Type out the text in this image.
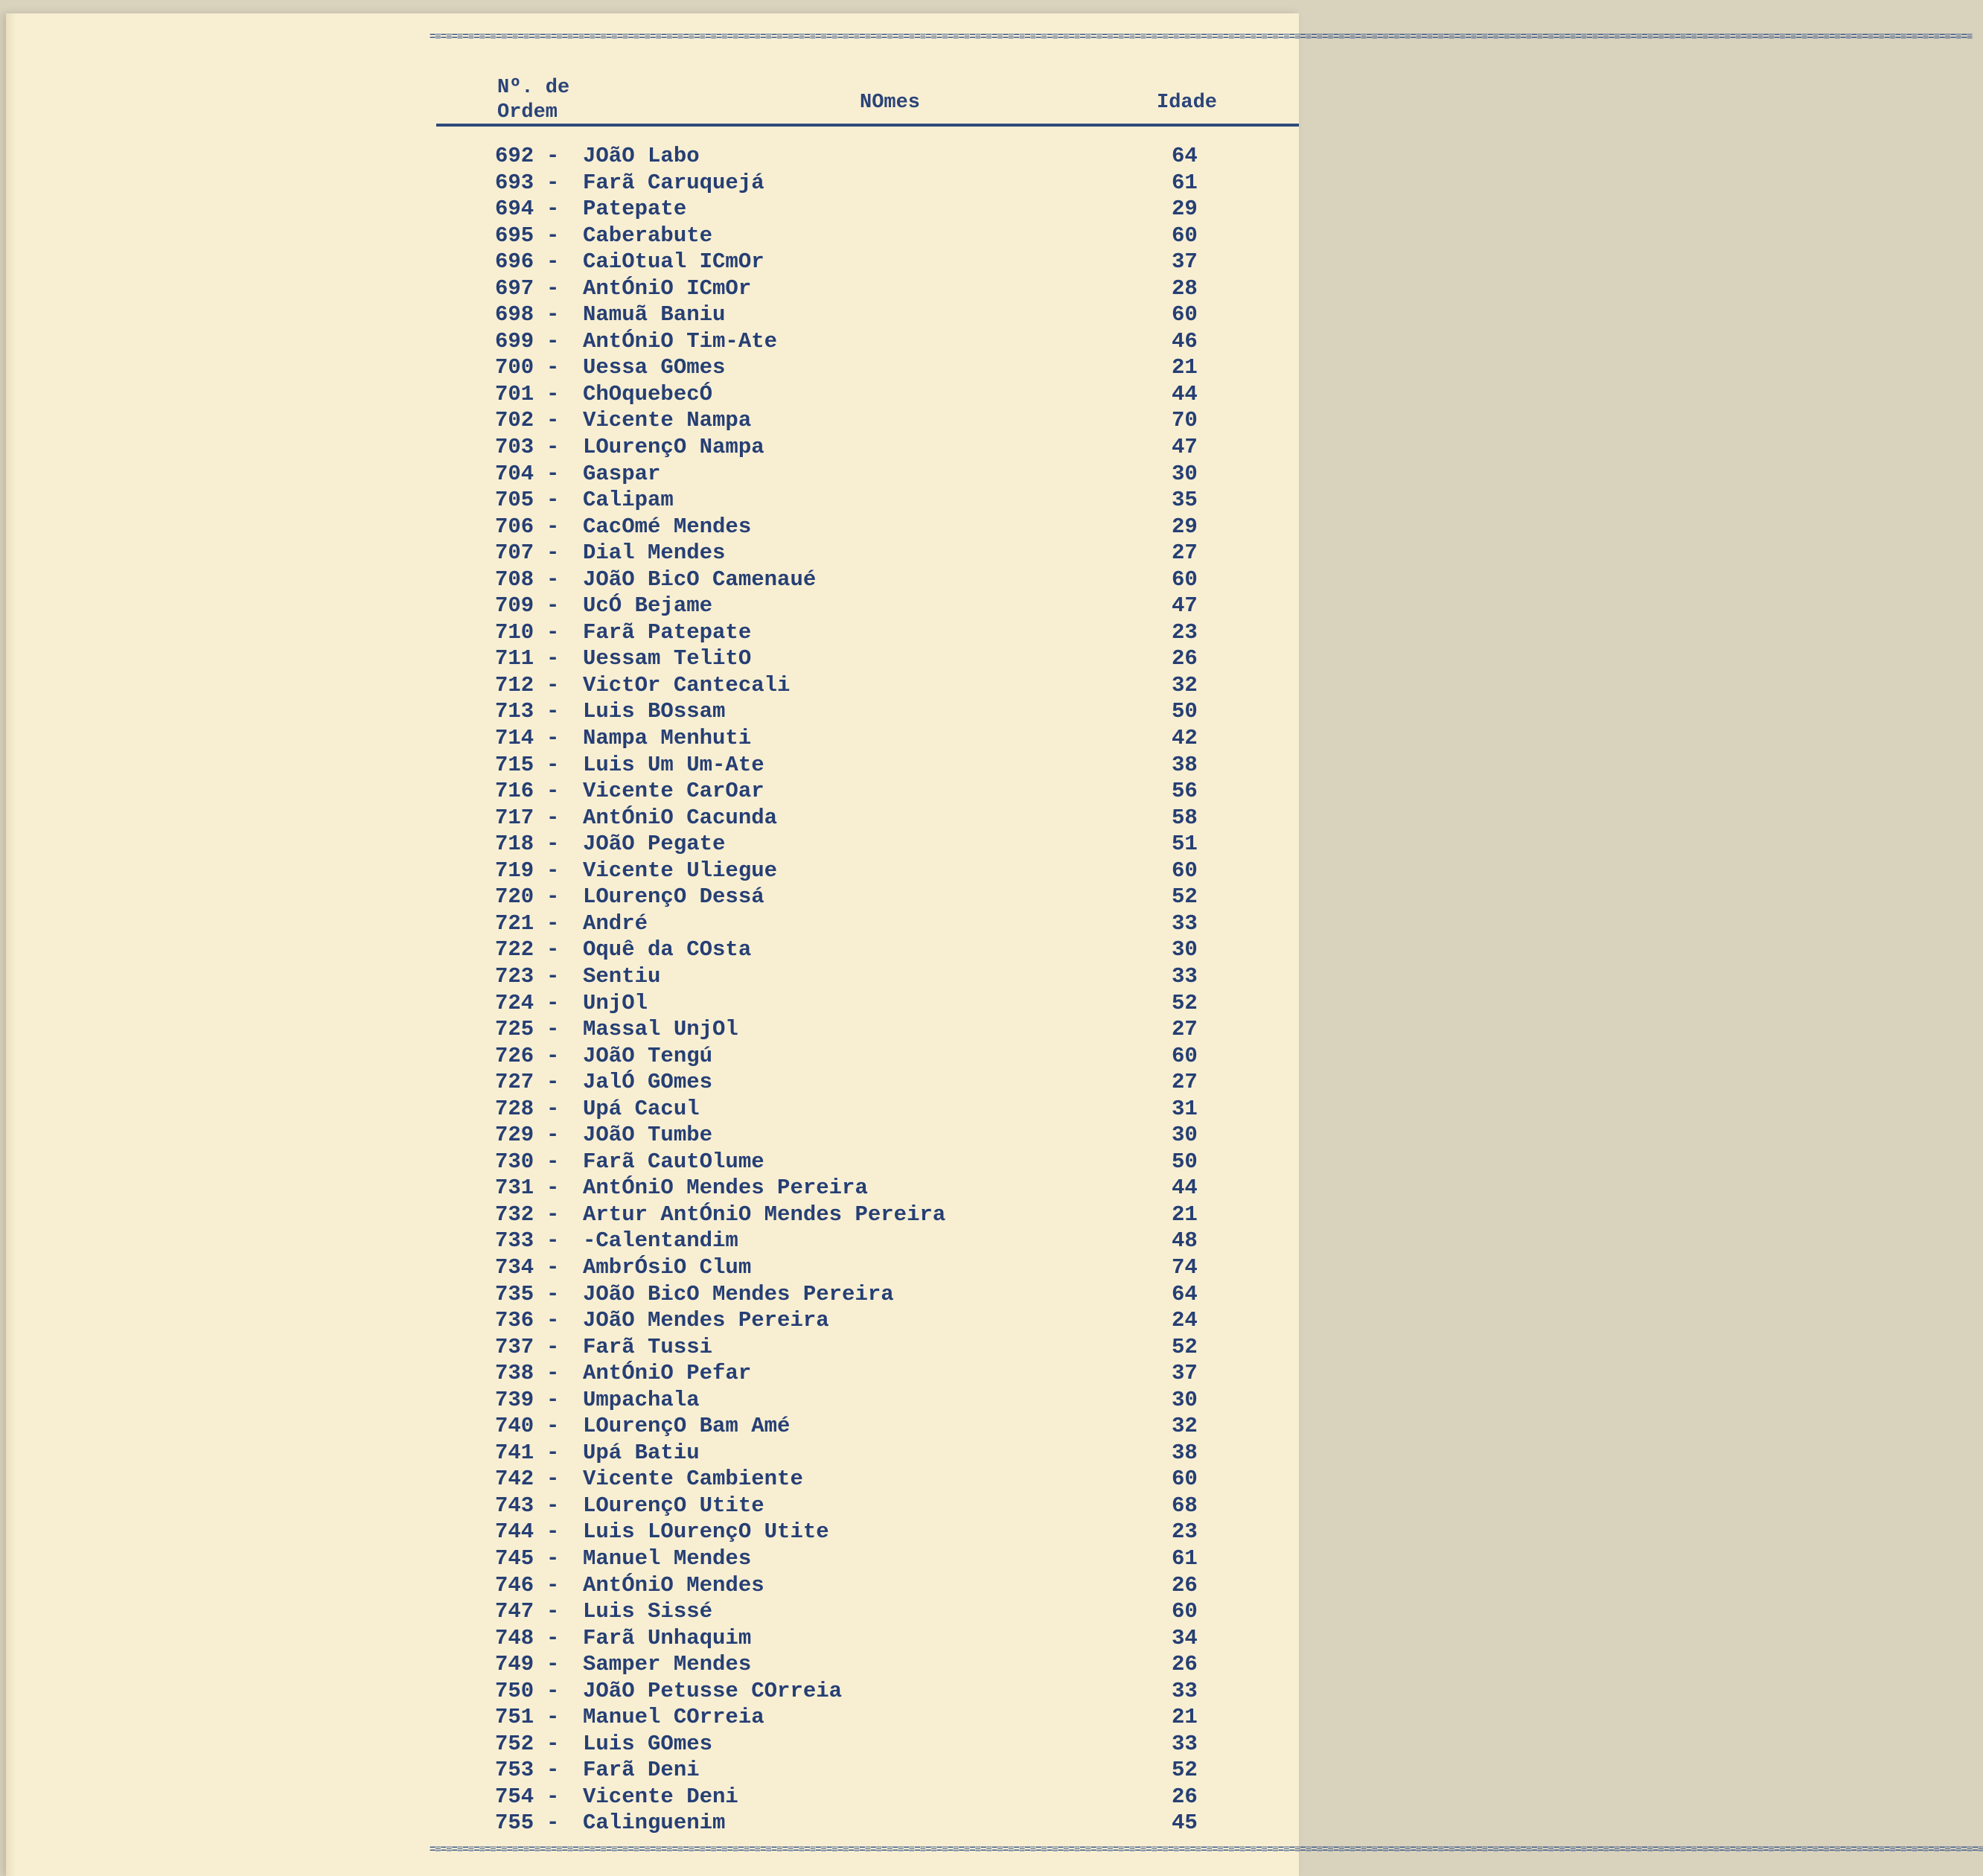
=≡=≡=≡=≡=≡=≡=≡=≡=≡=≡=≡=≡=≡=≡=≡=≡=≡=≡=≡=≡=≡=≡=≡=≡=≡=≡=≡=≡=≡=≡=≡=≡=≡=≡=≡=≡=≡=≡=≡=≡=≡=≡=≡=≡=≡=≡=≡=≡=≡=≡=≡=≡=≡=≡=≡=≡=≡=≡=≡=≡=≡=≡=≡=≡=≡=≡=≡=≡=≡=≡=≡=≡=≡=≡=≡=≡=≡=≡=≡=≡=≡=≡=≡=≡=≡=≡=≡=≡=≡=≡=≡=≡=≡=≡=≡=≡=≡=≡=≡=≡=≡=≡=≡=≡=≡=≡=≡=≡=≡=≡=≡=≡=≡=≡=≡=≡=≡=≡=≡=≡=≡=≡=≡=≡=≡=≡=≡=≡=≡=≡=≡=≡=≡=≡=≡=≡=≡=≡=≡=≡
Nº. de
Ordem	NOmes	Idade
692 - JOãO Labo	64
693 - Farã Caruquejá	61
694 - Patepate	29
695 - Caberabute	60
696 - CaiOtual ICmOr	37
697 - AntÓniO ICmOr	28
698 - Namuã Baniu	60
699 - AntÓniO Tim-Ate	46
700 - Uessa GOmes	21
701 - ChOquebecÓ	44
702 - Vicente Nampa	70
703 - LOurençO Nampa	47
704 - Gaspar	30
705 - Calipam	35
706 - CacOmé Mendes	29
707 - Dial Mendes	27
708 - JOãO BicO Camenaué	60
709 - UcÓ Bejame	47
710 - Farã Patepate	23
711 - Uessam TelitO	26
712 - VictOr Cantecali	32
713 - Luis BOssam	50
714 - Nampa Menhuti	42
715 - Luis Um Um-Ate	38
716 - Vicente CarOar	56
717 - AntÓniO Cacunda	58
718 - JOãO Pegate	51
719 - Vicente Uliegue	60
720 - LOurençO Dessá	52
721 - André	33
722 - Oquê da COsta	30
723 - Sentiu	33
724 - UnjOl	52
725 - Massal UnjOl	27
726 - JOãO Tengú	60
727 - JalÓ GOmes	27
728 - Upá Cacul	31
729 - JOãO Tumbe	30
730 - Farã CautOlume	50
731 - AntÓniO Mendes Pereira	44
732 - Artur AntÓniO Mendes Pereira	21
733 - -Calentandim	48
734 - AmbrÓsiO Clum	74
735 - JOãO BicO Mendes Pereira	64
736 - JOãO Mendes Pereira	24
737 - Farã Tussi	52
738 - AntÓniO Pefar	37
739 - Umpachala	30
740 - LOurençO Bam Amé	32
741 - Upá Batiu	38
742 - Vicente Cambiente	60
743 - LOurençO Utite	68
744 - Luis LOurençO Utite	23
745 - Manuel Mendes	61
746 - AntÓniO Mendes	26
747 - Luis Sissé	60
748 - Farã Unhaquim	34
749 - Samper Mendes	26
750 - JOãO Petusse COrreia	33
751 - Manuel COrreia	21
752 - Luis GOmes	33
753 - Farã Deni	52
754 - Vicente Deni	26
755 - Calinguenim	45
=≡=≡=≡=≡=≡=≡=≡=≡=≡=≡=≡=≡=≡=≡=≡=≡=≡=≡=≡=≡=≡=≡=≡=≡=≡=≡=≡=≡=≡=≡=≡=≡=≡=≡=≡=≡=≡=≡=≡=≡=≡=≡=≡=≡=≡=≡=≡=≡=≡=≡=≡=≡=≡=≡=≡=≡=≡=≡=≡=≡=≡=≡=≡=≡=≡=≡=≡=≡=≡=≡=≡=≡=≡=≡=≡=≡=≡=≡=≡=≡=≡=≡=≡=≡=≡=≡=≡=≡=≡=≡=≡=≡=≡=≡=≡=≡=≡=≡=≡=≡=≡=≡=≡=≡=≡=≡=≡=≡=≡=≡=≡=≡=≡=≡=≡=≡=≡=≡=≡=≡=≡=≡=≡=≡=≡=≡=≡=≡=≡=≡=≡=≡=≡=≡=≡=≡=≡=≡=≡=≡=≡
